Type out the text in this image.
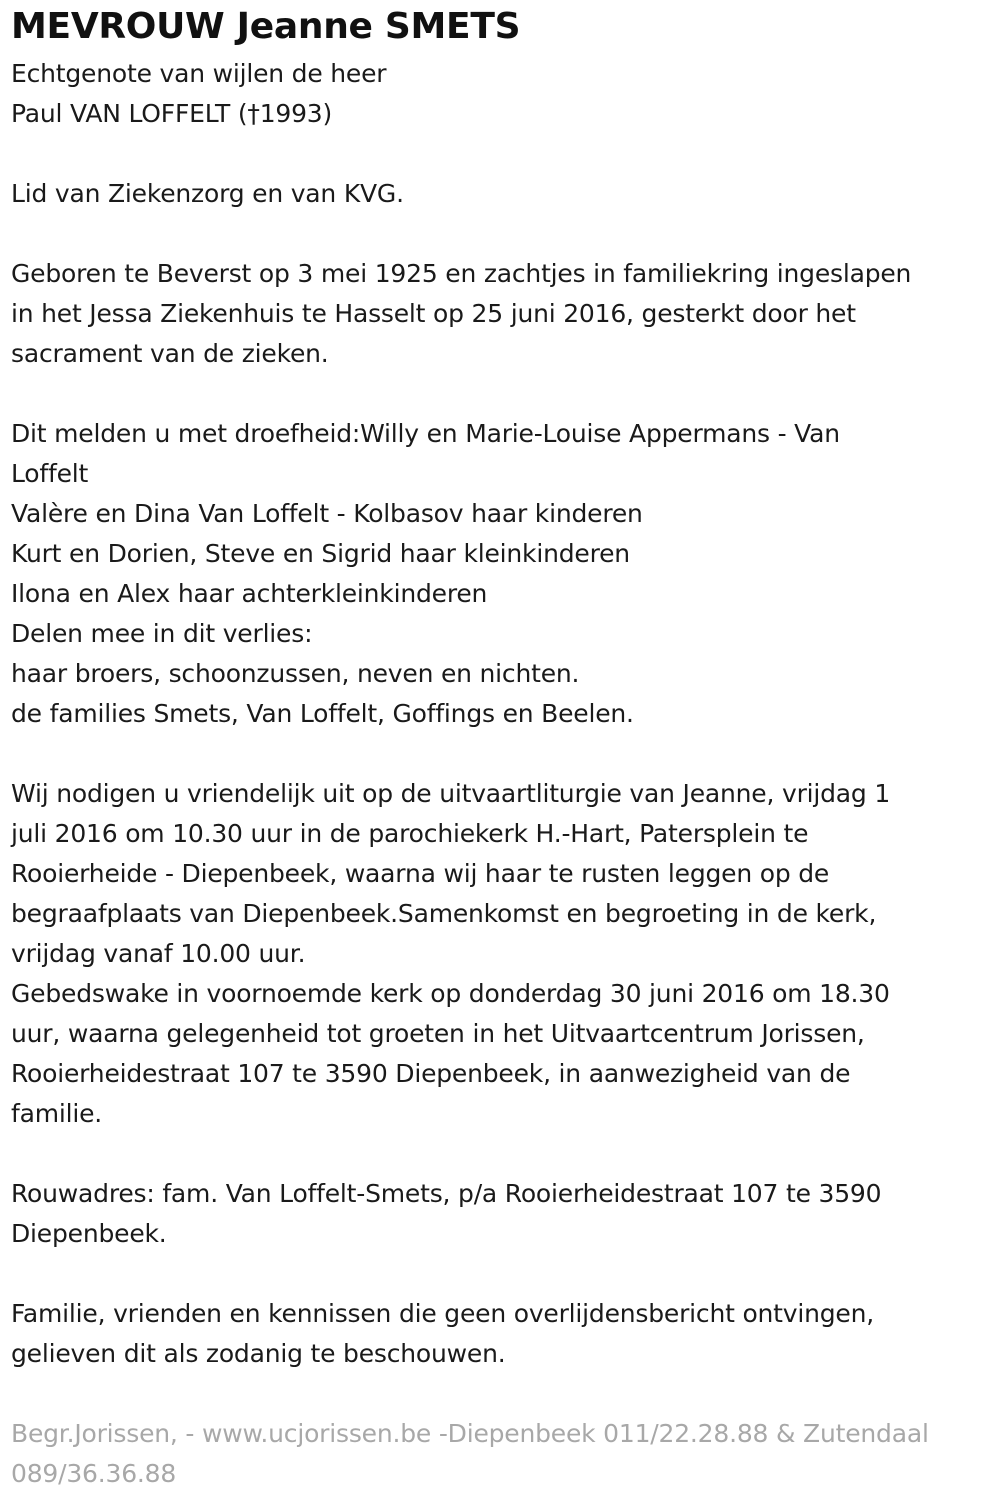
MEVROUW Jeanne SMETS
Echtgenote van wijlen de heer
Paul VAN LOFFELT (†1993)
Lid van Ziekenzorg en van KVG.
Geboren te Beverst op 3 mei 1925 en zachtjes in familiekring ingeslapen
in het Jessa Ziekenhuis te Hasselt op 25 juni 2016, gesterkt door het
sacrament van de zieken.
Dit melden u met droefheid:Willy en Marie-Louise Appermans - Van
Loffelt
Valère en Dina Van Loffelt - Kolbasov haar kinderen
Kurt en Dorien, Steve en Sigrid haar kleinkinderen
Ilona en Alex haar achterkleinkinderen
Delen mee in dit verlies:
haar broers, schoonzussen, neven en nichten.
de families Smets, Van Loffelt, Goffings en Beelen.
Wij nodigen u vriendelijk uit op de uitvaartliturgie van Jeanne, vrijdag 1
juli 2016 om 10.30 uur in de parochiekerk H.-Hart, Patersplein te
Rooierheide - Diepenbeek, waarna wij haar te rusten leggen op de
begraafplaats van Diepenbeek.Samenkomst en begroeting in de kerk,
vrijdag vanaf 10.00 uur.
Gebedswake in voornoemde kerk op donderdag 30 juni 2016 om 18.30
uur, waarna gelegenheid tot groeten in het Uitvaartcentrum Jorissen,
Rooierheidestraat 107 te 3590 Diepenbeek, in aanwezigheid van de
familie.
Rouwadres: fam. Van Loffelt-Smets, p/a Rooierheidestraat 107 te 3590
Diepenbeek.
Familie, vrienden en kennissen die geen overlijdensbericht ontvingen,
gelieven dit als zodanig te beschouwen.
Begr.Jorissen, - www.ucjorissen.be -Diepenbeek 011/22.28.88 & Zutendaal
089/36.36.88
